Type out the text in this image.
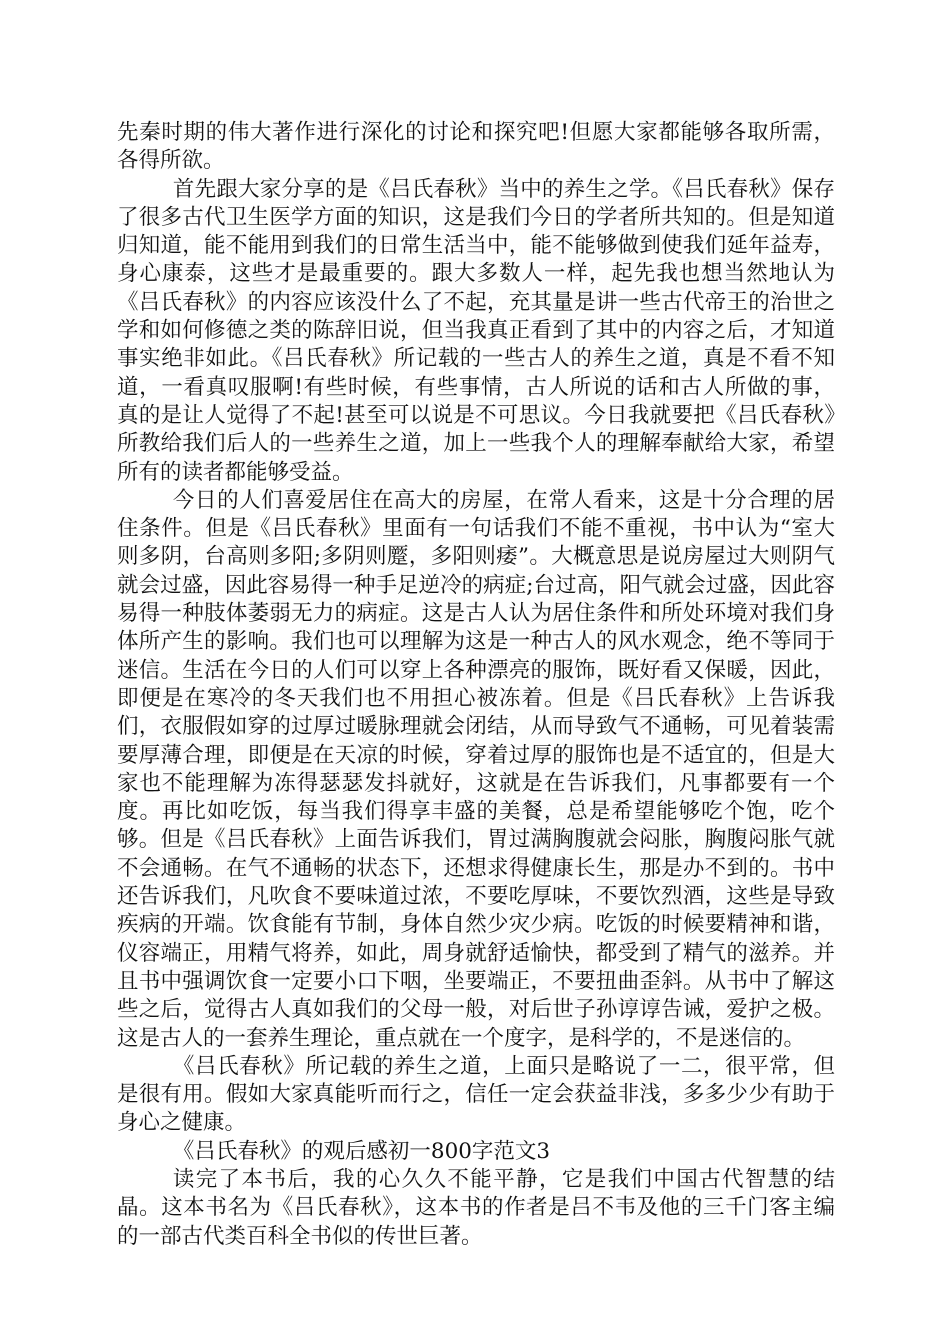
先秦时期的伟大著作进行深化的讨论和探究吧!但愿大家都能够各取所需，各得所欲。

首先跟大家分享的是《吕氏春秋》当中的养生之学。《吕氏春秋》保存了很多古代卫生医学方面的知识，这是我们今日的学者所共知的。但是知道归知道，能不能用到我们的日常生活当中，能不能够做到使我们延年益寿，身心康泰，这些才是最重要的。跟大多数人一样，起先我也想当然地认为《吕氏春秋》的内容应该没什么了不起，充其量是讲一些古代帝王的治世之学和如何修德之类的陈辞旧说，但当我真正看到了其中的内容之后，才知道事实绝非如此。《吕氏春秋》所记载的一些古人的养生之道，真是不看不知道，一看真叹服啊!有些时候，有些事情，古人所说的话和古人所做的事，真的是让人觉得了不起!甚至可以说是不可思议。今日我就要把《吕氏春秋》所教给我们后人的一些养生之道，加上一些我个人的理解奉献给大家，希望所有的读者都能够受益。

今日的人们喜爱居住在高大的房屋，在常人看来，这是十分合理的居住条件。但是《吕氏春秋》里面有一句话我们不能不重视，书中认为“室大则多阴，台高则多阳;多阴则蹷，多阳则痿”。大概意思是说房屋过大则阴气就会过盛，因此容易得一种手足逆冷的病症;台过高，阳气就会过盛，因此容易得一种肢体萎弱无力的病症。这是古人认为居住条件和所处环境对我们身体所产生的影响。我们也可以理解为这是一种古人的风水观念，绝不等同于迷信。生活在今日的人们可以穿上各种漂亮的服饰，既好看又保暖，因此，即便是在寒冷的冬天我们也不用担心被冻着。但是《吕氏春秋》上告诉我们，衣服假如穿的过厚过暖脉理就会闭结，从而导致气不通畅，可见着装需要厚薄合理，即便是在天凉的时候，穿着过厚的服饰也是不适宜的，但是大家也不能理解为冻得瑟瑟发抖就好，这就是在告诉我们，凡事都要有一个度。再比如吃饭，每当我们得享丰盛的美餐，总是希望能够吃个饱，吃个够。但是《吕氏春秋》上面告诉我们，胃过满胸腹就会闷胀，胸腹闷胀气就不会通畅。在气不通畅的状态下，还想求得健康长生，那是办不到的。书中还告诉我们，凡吹食不要味道过浓，不要吃厚味，不要饮烈酒，这些是导致疾病的开端。饮食能有节制，身体自然少灾少病。吃饭的时候要精神和谐，仪容端正，用精气将养，如此，周身就舒适愉快，都受到了精气的滋养。并且书中强调饮食一定要小口下咽，坐要端正，不要扭曲歪斜。从书中了解这些之后，觉得古人真如我们的父母一般，对后世子孙谆谆告诫，爱护之极。这是古人的一套养生理论，重点就在一个度字，是科学的，不是迷信的。

《吕氏春秋》所记载的养生之道，上面只是略说了一二，很平常，但是很有用。假如大家真能听而行之，信任一定会获益非浅，多多少少有助于身心之健康。

《吕氏春秋》的观后感初一800字范文3

读完了本书后，我的心久久不能平静，它是我们中国古代智慧的结晶。这本书名为《吕氏春秋》，这本书的作者是吕不韦及他的三千门客主编的一部古代类百科全书似的传世巨著。
